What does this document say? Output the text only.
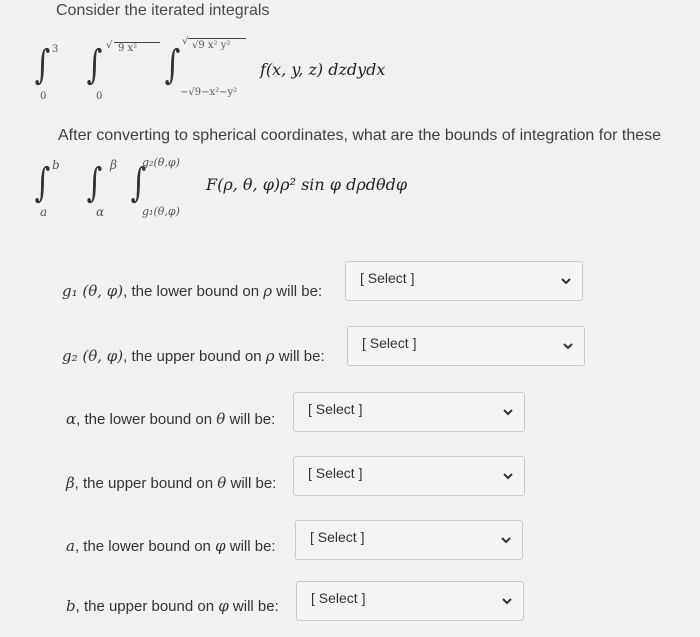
Consider the iterated integrals
∫ 3
0
∫ √ 9 x²
0
∫
√ √9 x² y²
−√9−x²−y²
f(x, y, z) dzdydx
After converting to spherical coordinates, what are the bounds of integration for these
∫ b
a
∫ β
α
∫
g₂(θ,φ)
g₁(θ,φ)
F(ρ, θ, φ)ρ² sin φ dρdθdφ
g₁ (θ, φ), the lower bound on ρ will be:
[ Select ]
g₂ (θ, φ), the upper bound on ρ will be:
[ Select ]
α, the lower bound on θ will be:
[ Select ]
β, the upper bound on θ will be:
[ Select ]
a, the lower bound on φ will be:
[ Select ]
b, the upper bound on φ will be: [ Select ]
